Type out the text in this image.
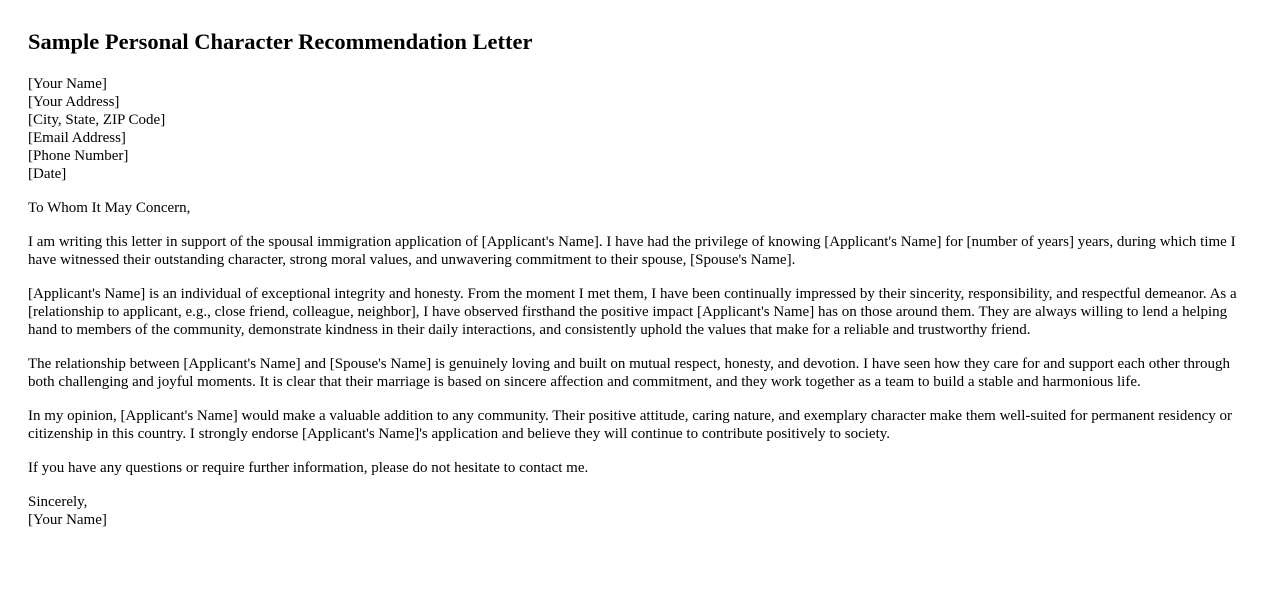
Sample Personal Character Recommendation Letter
[Your Name]
[Your Address]
[City, State, ZIP Code]
[Email Address]
[Phone Number]
[Date]

To Whom It May Concern,

I am writing this letter in support of the spousal immigration application of [Applicant's Name]. I have had the privilege of knowing [Applicant's Name] for [number of years] years, during which time I have witnessed their outstanding character, strong moral values, and unwavering commitment to their spouse, [Spouse's Name].

[Applicant's Name] is an individual of exceptional integrity and honesty. From the moment I met them, I have been continually impressed by their sincerity, responsibility, and respectful demeanor. As a [relationship to applicant, e.g., close friend, colleague, neighbor], I have observed firsthand the positive impact [Applicant's Name] has on those around them. They are always willing to lend a helping hand to members of the community, demonstrate kindness in their daily interactions, and consistently uphold the values that make for a reliable and trustworthy friend.

The relationship between [Applicant's Name] and [Spouse's Name] is genuinely loving and built on mutual respect, honesty, and devotion. I have seen how they care for and support each other through both challenging and joyful moments. It is clear that their marriage is based on sincere affection and commitment, and they work together as a team to build a stable and harmonious life.

In my opinion, [Applicant's Name] would make a valuable addition to any community. Their positive attitude, caring nature, and exemplary character make them well-suited for permanent residency or citizenship in this country. I strongly endorse [Applicant's Name]'s application and believe they will continue to contribute positively to society.

If you have any questions or require further information, please do not hesitate to contact me.

Sincerely,
[Your Name]
